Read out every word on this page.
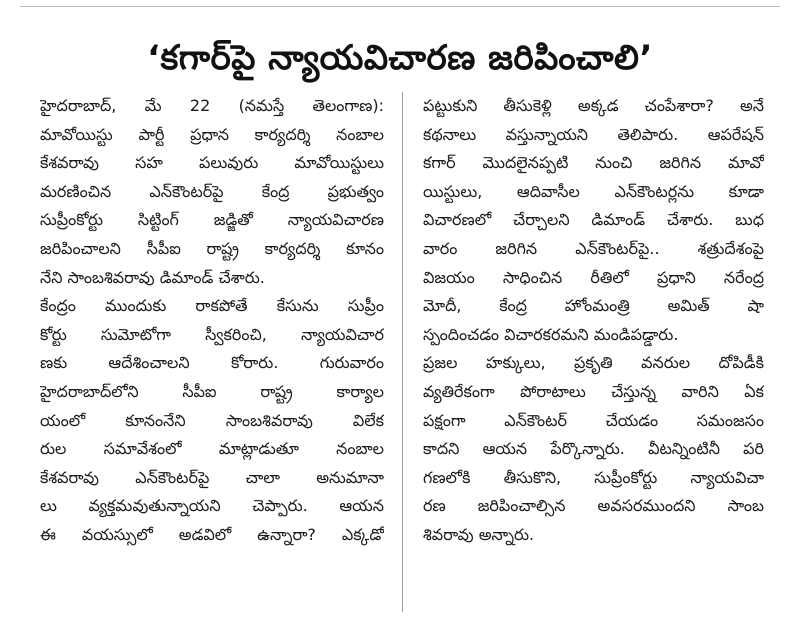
‘కగార్‌పై న్యాయవిచారణ జరిపించాలి’
హైదరాబాద్, మే 22 (నమస్తే తెలంగాణ):
మావోయిస్టు పార్టీ ప్రధాన కార్యదర్శి నంబాల
కేశవరావు సహ పలువురు మావోయిస్టులు
మరణించిన ఎన్‌కౌంటర్‌పై కేంద్ర ప్రభుత్వం
సుప్రీంకోర్టు సిట్టింగ్ జడ్జితో న్యాయవిచారణ
జరిపించాలని సీపీఐ రాష్ట్ర కార్యదర్శి కూనం
నేని సాంబశివరావు డిమాండ్ చేశారు.
కేంద్రం ముందుకు రాకపోతే కేసును సుప్రీం
కోర్టు సుమోటోగా స్వీకరించి, న్యాయవిచార
ణకు ఆదేశించాలని కోరారు. గురువారం
హైదరాబాద్‌లోని సీపీఐ రాష్ట్ర కార్యాల
యంలో కూనంనేని సాంబశివరావు విలేక
రుల సమావేశంలో మాట్లాడుతూ నంబాల
కేశవరావు ఎన్‌కౌంటర్‌పై చాలా అనుమానా
లు వ్యక్తమవుతున్నాయని చెప్పారు. ఆయన
ఈ వయస్సులో అడవిలో ఉన్నారా? ఎక్కడో
పట్టుకుని తీసుకెళ్లి అక్కడ చంపేశారా? అనే
కథనాలు వస్తున్నాయని తెలిపారు. ఆపరేషన్
కగార్ మొదలైనప్పటి నుంచి జరిగిన మావో
యిస్టులు, ఆదివాసీల ఎన్‌కౌంటర్లను కూడా
విచారణలో చేర్చాలని డిమాండ్ చేశారు. బుధ
వారం జరిగిన ఎన్‌కౌంటర్‌పై.. శత్రుదేశంపై
విజయం సాధించిన రీతిలో ప్రధాని నరేంద్ర
మోదీ, కేంద్ర హోంమంత్రి అమిత్ షా
స్పందించడం విచారకరమని మండిపడ్డారు.
ప్రజల హక్కులు, ప్రకృతి వనరుల దోపిడీకి
వ్యతిరేకంగా పోరాటాలు చేస్తున్న వారిని ఏక
పక్షంగా ఎన్‌కౌంటర్ చేయడం సమంజసం
కాదని ఆయన పేర్కొన్నారు. వీటన్నింటినీ పరి
గణలోకి తీసుకొని, సుప్రీంకోర్టు న్యాయవిచా
రణ జరిపించాల్సిన అవసరముందని సాంబ
శివరావు అన్నారు.
